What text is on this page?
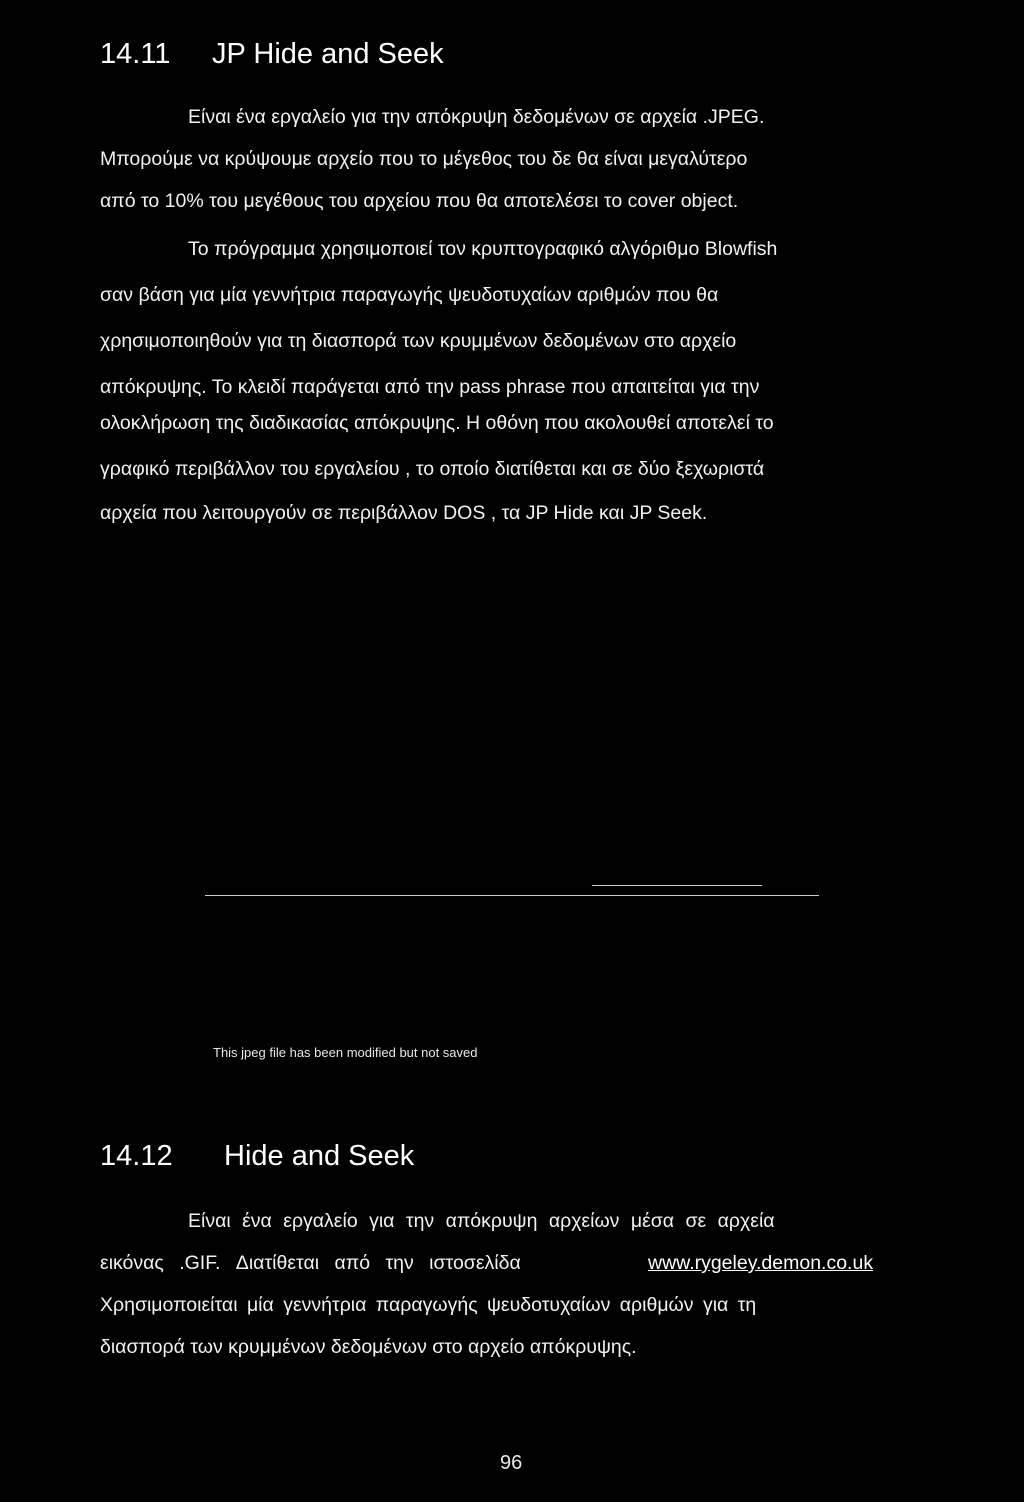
14.11 JP Hide and Seek
Είναι ένα εργαλείο για την απόκρυψη δεδομένων σε αρχεία .JPEG.
Μπορούμε να κρύψουμε αρχείο που το μέγεθος του δε θα είναι μεγαλύτερο
από το 10% του μεγέθους του αρχείου που θα αποτελέσει το cover object.
Το πρόγραμμα χρησιμοποιεί τον κρυπτογραφικό αλγόριθμο Blowfish
σαν βάση για μία γεννήτρια παραγωγής ψευδοτυχαίων αριθμών που θα
χρησιμοποιηθούν για τη διασπορά των κρυμμένων δεδομένων στο αρχείο
απόκρυψης. Το κλειδί παράγεται από την pass phrase που απαιτείται για την
ολοκλήρωση της διαδικασίας απόκρυψης. Η οθόνη που ακολουθεί αποτελεί το
γραφικό περιβάλλον του εργαλείου , το οποίο διατίθεται και σε δύο ξεχωριστά
αρχεία που λειτουργούν σε περιβάλλον DOS , τα JP Hide και JP Seek.
This jpeg file has been modified but not saved
14.12 Hide and Seek
Είναι ένα εργαλείο για την απόκρυψη αρχείων μέσα σε αρχεία
εικόνας .GIF. Διατίθεται από την ιστοσελίδα	www.rygeley.demon.co.uk
Χρησιμοποιείται μία γεννήτρια παραγωγής ψευδοτυχαίων αριθμών για τη
διασπορά των κρυμμένων δεδομένων στο αρχείο απόκρυψης.
96
